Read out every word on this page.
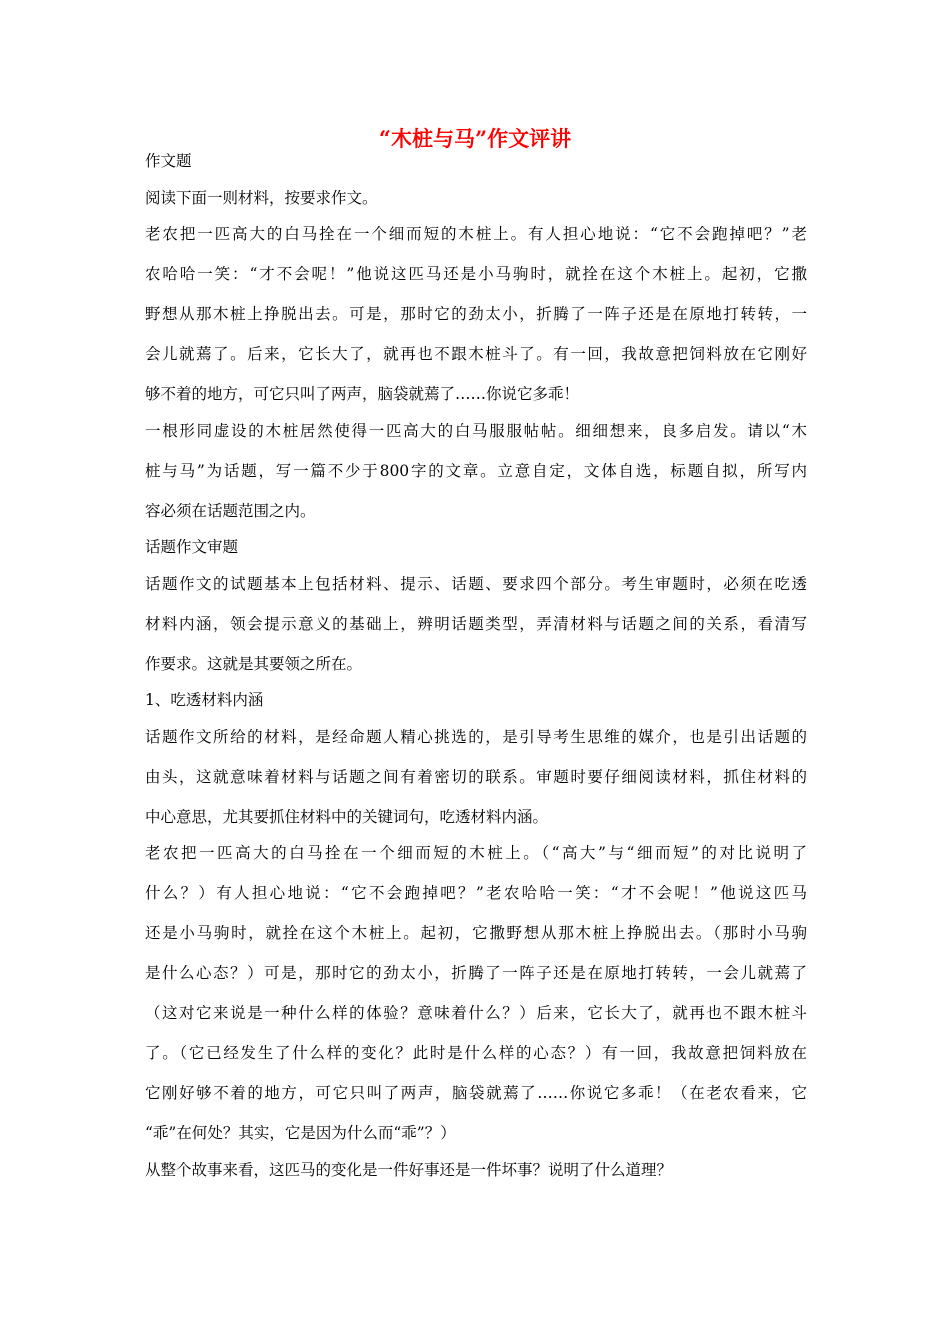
“木桩与马”作文评讲
作文题
阅读下面一则材料，按要求作文。
老农把一匹高大的白马拴在一个细而短的木桩上。有人担心地说：“它不会跑掉吧？”老
农哈哈一笑：“才不会呢！”他说这匹马还是小马驹时，就拴在这个木桩上。起初，它撒
野想从那木桩上挣脱出去。可是，那时它的劲太小，折腾了一阵子还是在原地打转转，一
会儿就蔫了。后来，它长大了，就再也不跟木桩斗了。有一回，我故意把饲料放在它刚好
够不着的地方，可它只叫了两声，脑袋就蔫了……你说它多乖！
一根形同虚设的木桩居然使得一匹高大的白马服服帖帖。细细想来，良多启发。请以“木
桩与马”为话题，写一篇不少于800字的文章。立意自定，文体自选，标题自拟，所写内
容必须在话题范围之内。
话题作文审题
话题作文的试题基本上包括材料、提示、话题、要求四个部分。考生审题时，必须在吃透
材料内涵，领会提示意义的基础上，辨明话题类型，弄清材料与话题之间的关系，看清写
作要求。这就是其要领之所在。
1、吃透材料内涵
话题作文所给的材料，是经命题人精心挑选的，是引导考生思维的媒介，也是引出话题的
由头，这就意味着材料与话题之间有着密切的联系。审题时要仔细阅读材料，抓住材料的
中心意思，尤其要抓住材料中的关键词句，吃透材料内涵。
老农把一匹高大的白马拴在一个细而短的木桩上。（“高大”与“细而短”的对比说明了
什么？）有人担心地说：“它不会跑掉吧？”老农哈哈一笑：“才不会呢！”他说这匹马
还是小马驹时，就拴在这个木桩上。起初，它撒野想从那木桩上挣脱出去。（那时小马驹
是什么心态？）可是，那时它的劲太小，折腾了一阵子还是在原地打转转，一会儿就蔫了
（这对它来说是一种什么样的体验？意味着什么？）后来，它长大了，就再也不跟木桩斗
了。（它已经发生了什么样的变化？此时是什么样的心态？）有一回，我故意把饲料放在
它刚好够不着的地方，可它只叫了两声，脑袋就蔫了……你说它多乖！（在老农看来，它
“乖”在何处？其实，它是因为什么而“乖”？）
从整个故事来看，这匹马的变化是一件好事还是一件坏事？说明了什么道理？
